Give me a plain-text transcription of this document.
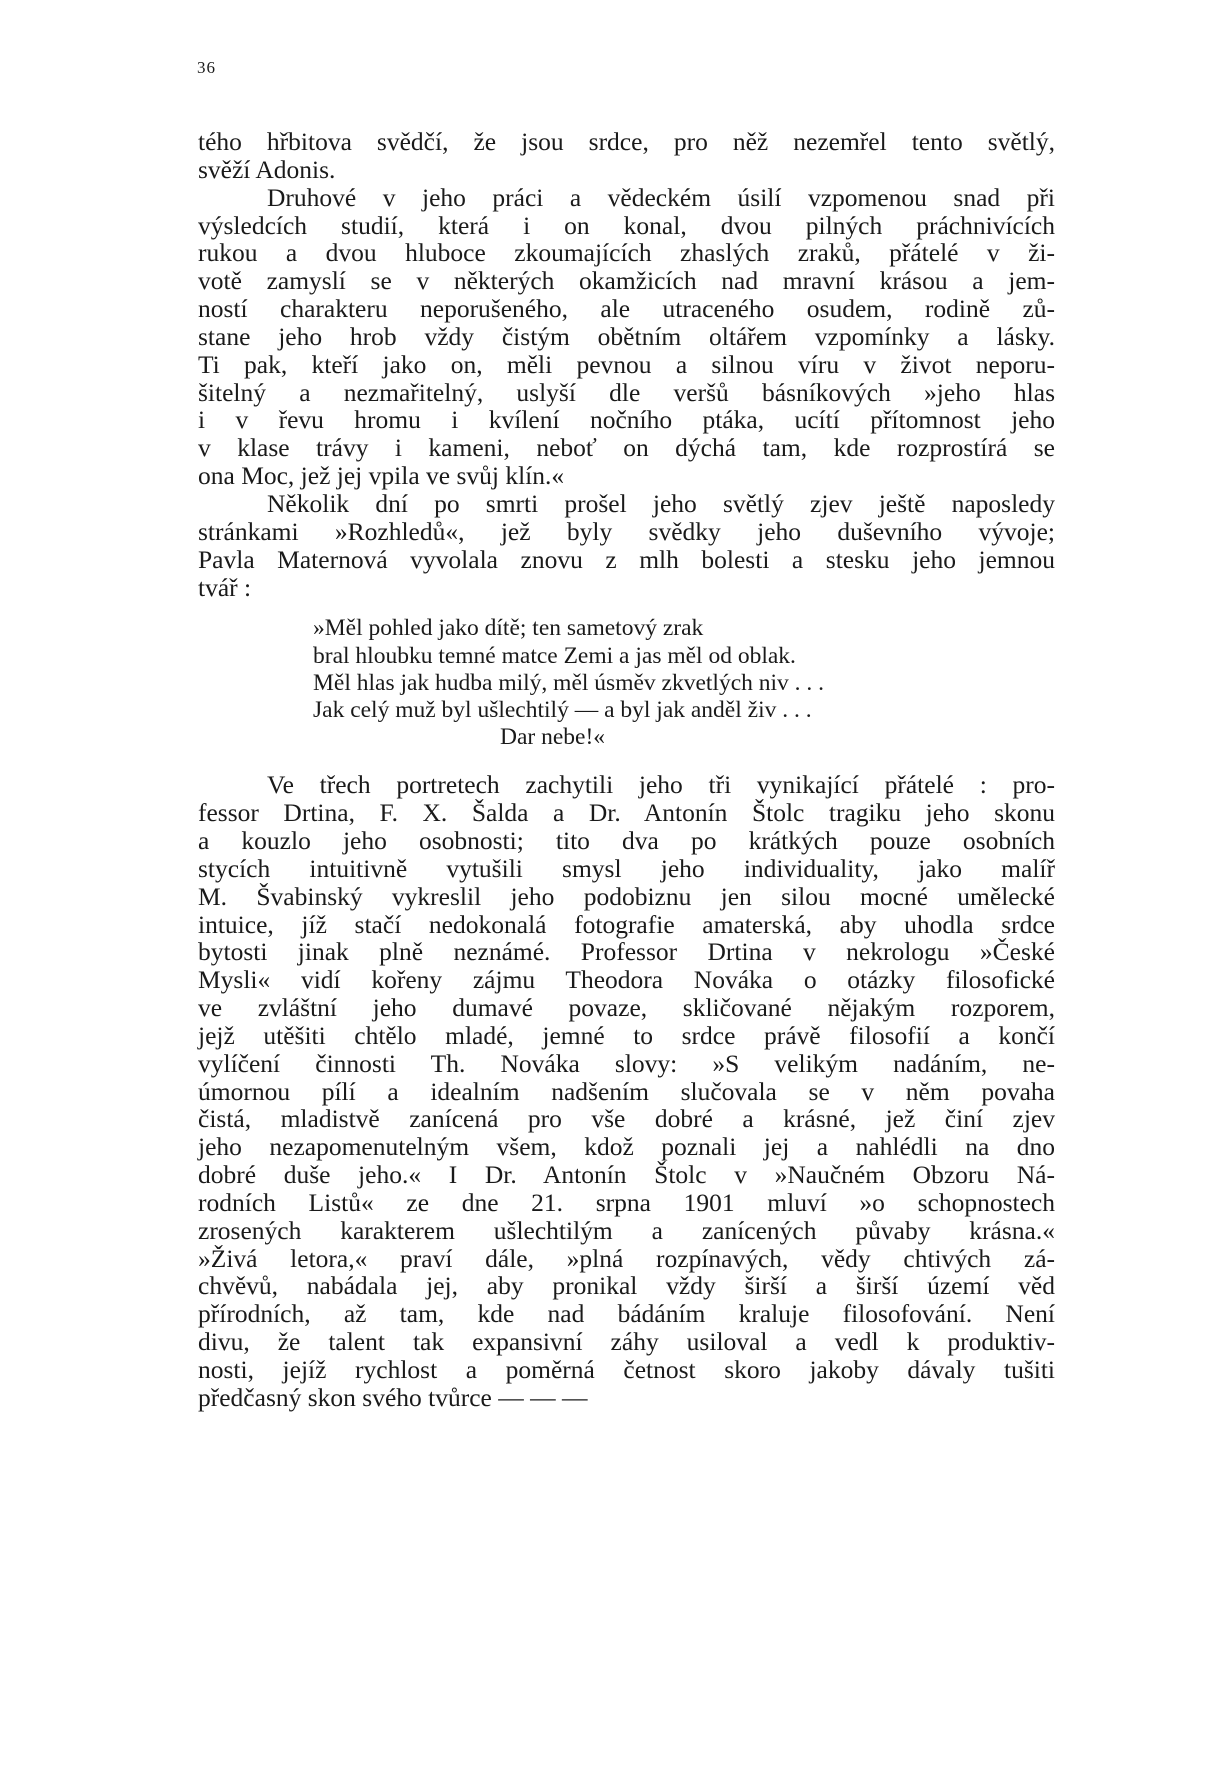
36
tého hřbitova svědčí, že jsou srdce, pro něž nezemřel tento světlý,
svěží Adonis.
Druhové v jeho práci a vědeckém úsilí vzpomenou snad při
výsledcích studií, která i on konal, dvou pilných práchnivících
rukou a dvou hluboce zkoumajících zhaslých zraků, přátelé v ži-
votě zamyslí se v některých okamžicích nad mravní krásou a jem-
ností charakteru neporušeného, ale utraceného osudem, rodině zů-
stane jeho hrob vždy čistým obětním oltářem vzpomínky a lásky.
Ti pak, kteří jako on, měli pevnou a silnou víru v život neporu-
šitelný a nezmařitelný, uslyší dle veršů básníkových »jeho hlas
i v řevu hromu i kvílení nočního ptáka, ucítí přítomnost jeho
v klase trávy i kameni, neboť on dýchá tam, kde rozprostírá se
ona Moc, jež jej vpila ve svůj klín.«
Několik dní po smrti prošel jeho světlý zjev ještě naposledy
stránkami »Rozhledů«, jež byly svědky jeho duševního vývoje;
Pavla Maternová vyvolala znovu z mlh bolesti a stesku jeho jemnou
tvář :
»Měl pohled jako dítě; ten sametový zrak
bral hloubku temné matce Zemi a jas měl od oblak.
Měl hlas jak hudba milý, měl úsměv zkvetlých niv . . .
Jak celý muž byl ušlechtilý — a byl jak anděl živ . . .
Dar nebe!«
Ve třech portretech zachytili jeho tři vynikající přátelé : pro-
fessor Drtina, F. X. Šalda a Dr. Antonín Štolc tragiku jeho skonu
a kouzlo jeho osobnosti; tito dva po krátkých pouze osobních
stycích intuitivně vytušili smysl jeho individuality, jako malíř
M. Švabinský vykreslil jeho podobiznu jen silou mocné umělecké
intuice, jíž stačí nedokonalá fotografie amaterská, aby uhodla srdce
bytosti jinak plně neznámé. Professor Drtina v nekrologu »České
Mysli« vidí kořeny zájmu Theodora Nováka o otázky filosofické
ve zvláštní jeho dumavé povaze, skličované nějakým rozporem,
jejž utěšiti chtělo mladé, jemné to srdce právě filosofií a končí
vylíčení činnosti Th. Nováka slovy: »S velikým nadáním, ne-
úmornou pílí a idealním nadšením slučovala se v něm povaha
čistá, mladistvě zanícená pro vše dobré a krásné, jež činí zjev
jeho nezapomenutelným všem, kdož poznali jej a nahlédli na dno
dobré duše jeho.« I Dr. Antonín Štolc v »Naučném Obzoru Ná-
rodních Listů« ze dne 21. srpna 1901 mluví »o schopnostech
zrosených karakterem ušlechtilým a zanícených půvaby krásna.«
»Živá letora,« praví dále, »plná rozpínavých, vědy chtivých zá-
chvěvů, nabádala jej, aby pronikal vždy širší a širší území věd
přírodních, až tam, kde nad bádáním kraluje filosofování. Není
divu, že talent tak expansivní záhy usiloval a vedl k produktiv-
nosti, jejíž rychlost a poměrná četnost skoro jakoby dávaly tušiti
předčasný skon svého tvůrce — — —
